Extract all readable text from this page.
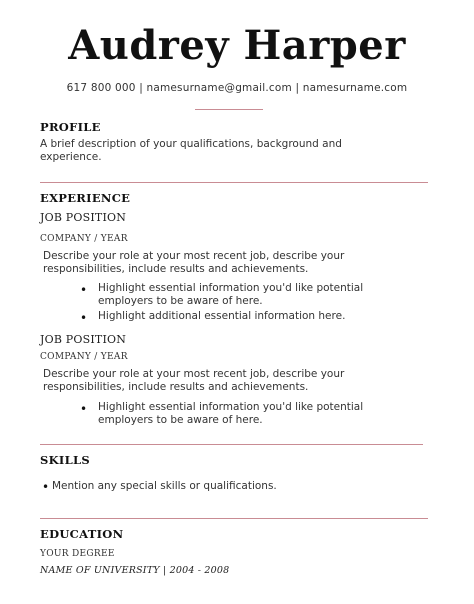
Audrey Harper
617 800 000 | namesurname@gmail.com | namesurname.com
PROFILE
A brief description of your qualifications, background and
experience.
EXPERIENCE
JOB POSITION
COMPANY / YEAR
Describe your role at your most recent job, describe your
responsibilities, include results and achievements.
• Highlight essential information you'd like potential
employers to be aware of here.
• Highlight additional essential information here.
JOB POSITION
COMPANY / YEAR
Describe your role at your most recent job, describe your
responsibilities, include results and achievements.
• Highlight essential information you'd like potential
employers to be aware of here.
SKILLS
• Mention any special skills or qualifications.
EDUCATION
YOUR DEGREE
NAME OF UNIVERSITY | 2004 - 2008
